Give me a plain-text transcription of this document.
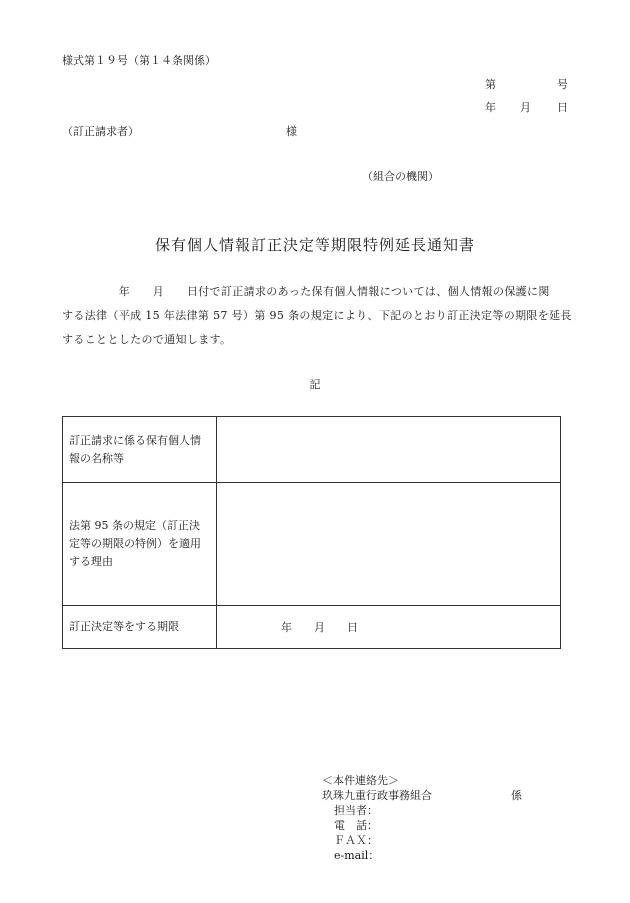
様式第１９号（第１４条関係）
第	号
年 月 日
（訂正請求者）	様
（組合の機関）
保有個人情報訂正決定等期限特例延長通知書
　　　　　年　　月　　日付で訂正請求のあった保有個人情報については、個人情報の保護に関
する法律（平成 15 年法律第 57 号）第 95 条の規定により、下記のとおり訂正決定等の期限を延長
することとしたので通知します。
記
訂正請求に係る保有個人情報の名称等	
法第 95 条の規定（訂正決定等の期限の特例）を適用する理由	
訂正決定等をする期限	年　　月　　日
＜本件連絡先＞
玖珠九重行政事務組合	係
担当者：
電　話：
ＦＡＸ：
e-mail：
